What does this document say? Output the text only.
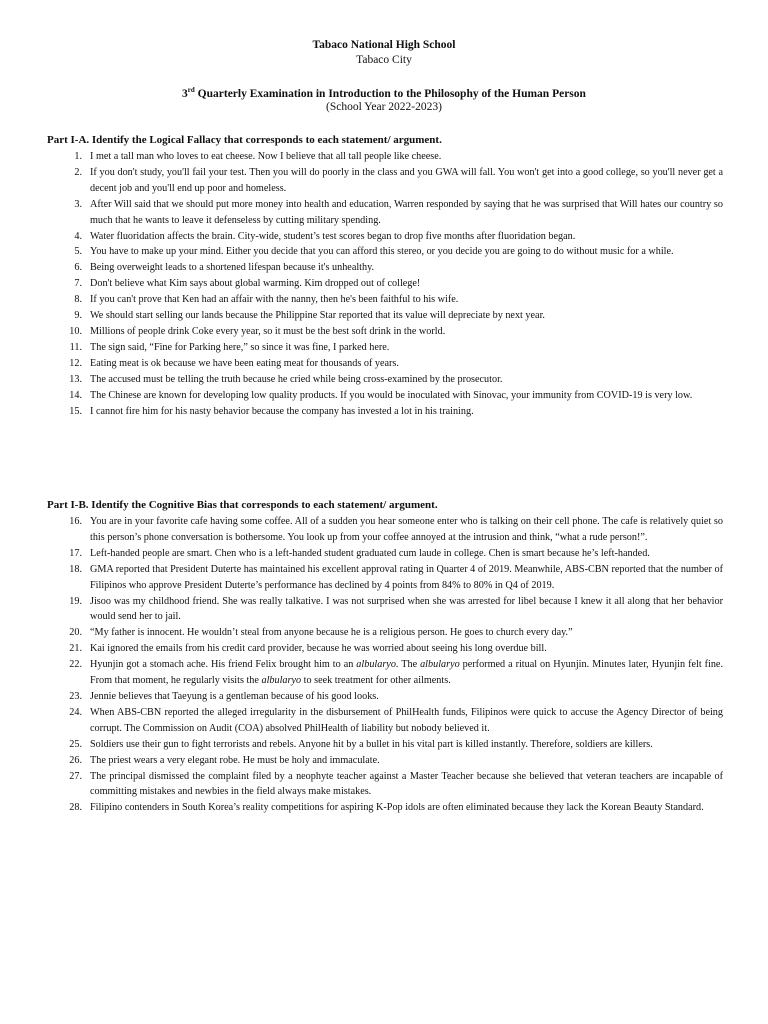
Tabaco National High School
Tabaco City
3rd Quarterly Examination in Introduction to the Philosophy of the Human Person
(School Year 2022-2023)
Part I-A. Identify the Logical Fallacy that corresponds to each statement/ argument.
1. I met a tall man who loves to eat cheese. Now I believe that all tall people like cheese.
2. If you don't study, you'll fail your test. Then you will do poorly in the class and you GWA will fall. You won't get into a good college, so you'll never get a decent job and you'll end up poor and homeless.
3. After Will said that we should put more money into health and education, Warren responded by saying that he was surprised that Will hates our country so much that he wants to leave it defenseless by cutting military spending.
4. Water fluoridation affects the brain. City-wide, student’s test scores began to drop five months after fluoridation began.
5. You have to make up your mind. Either you decide that you can afford this stereo, or you decide you are going to do without music for a while.
6. Being overweight leads to a shortened lifespan because it's unhealthy.
7. Don't believe what Kim says about global warming. Kim dropped out of college!
8. If you can't prove that Ken had an affair with the nanny, then he's been faithful to his wife.
9. We should start selling our lands because the Philippine Star reported that its value will depreciate by next year.
10. Millions of people drink Coke every year, so it must be the best soft drink in the world.
11. The sign said, “Fine for Parking here,” so since it was fine, I parked here.
12. Eating meat is ok because we have been eating meat for thousands of years.
13. The accused must be telling the truth because he cried while being cross-examined by the prosecutor.
14. The Chinese are known for developing low quality products. If you would be inoculated with Sinovac, your immunity from COVID-19 is very low.
15. I cannot fire him for his nasty behavior because the company has invested a lot in his training.
Part I-B. Identify the Cognitive Bias that corresponds to each statement/ argument.
16. You are in your favorite cafe having some coffee. All of a sudden you hear someone enter who is talking on their cell phone. The cafe is relatively quiet so this person’s phone conversation is bothersome. You look up from your coffee annoyed at the intrusion and think, “what a rude person!”.
17. Left-handed people are smart. Chen who is a left-handed student graduated cum laude in college. Chen is smart because he’s left-handed.
18. GMA reported that President Duterte has maintained his excellent approval rating in Quarter 4 of 2019. Meanwhile, ABS-CBN reported that the number of Filipinos who approve President Duterte’s performance has declined by 4 points from 84% to 80% in Q4 of 2019.
19. Jisoo was my childhood friend. She was really talkative. I was not surprised when she was arrested for libel because I knew it all along that her behavior would send her to jail.
20. “My father is innocent. He wouldn’t steal from anyone because he is a religious person. He goes to church every day.”
21. Kai ignored the emails from his credit card provider, because he was worried about seeing his long overdue bill.
22. Hyunjin got a stomach ache. His friend Felix brought him to an albularyo. The albularyo performed a ritual on Hyunjin. Minutes later, Hyunjin felt fine. From that moment, he regularly visits the albularyo to seek treatment for other ailments.
23. Jennie believes that Taeyung is a gentleman because of his good looks.
24. When ABS-CBN reported the alleged irregularity in the disbursement of PhilHealth funds, Filipinos were quick to accuse the Agency Director of being corrupt. The Commission on Audit (COA) absolved PhilHealth of liability but nobody believed it.
25. Soldiers use their gun to fight terrorists and rebels. Anyone hit by a bullet in his vital part is killed instantly. Therefore, soldiers are killers.
26. The priest wears a very elegant robe. He must be holy and immaculate.
27. The principal dismissed the complaint filed by a neophyte teacher against a Master Teacher because she believed that veteran teachers are incapable of committing mistakes and newbies in the field always make mistakes.
28. Filipino contenders in South Korea’s reality competitions for aspiring K-Pop idols are often eliminated because they lack the Korean Beauty Standard.
